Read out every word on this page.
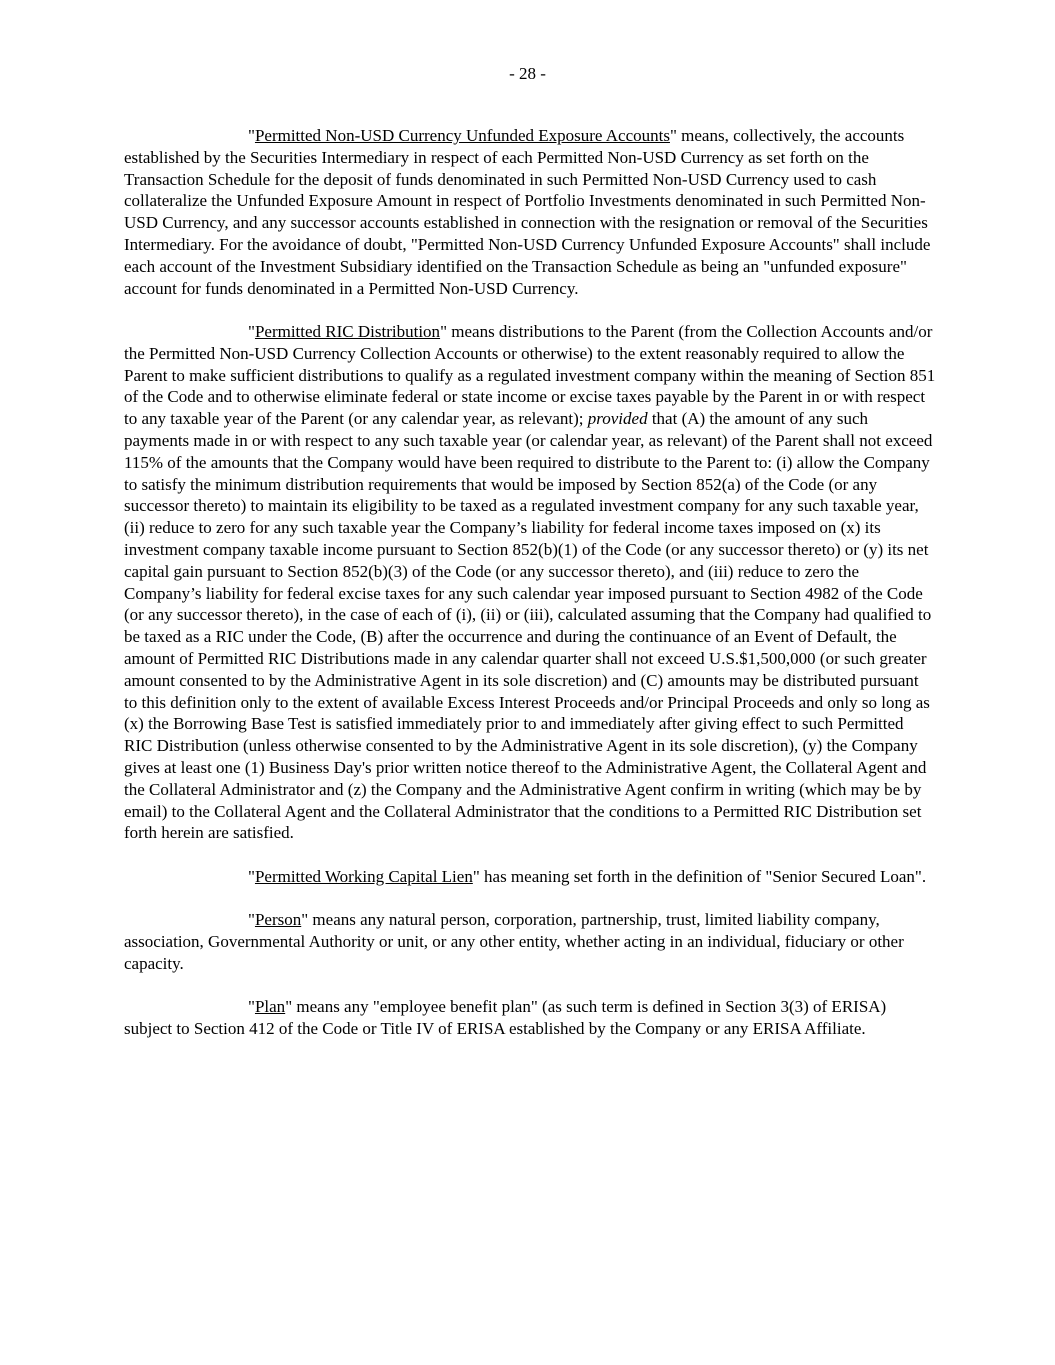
- 28 -

"Permitted Non-USD Currency Unfunded Exposure Accounts" means, collectively, the accounts established by the Securities Intermediary in respect of each Permitted Non-USD Currency as set forth on the Transaction Schedule for the deposit of funds denominated in such Permitted Non-USD Currency used to cash collateralize the Unfunded Exposure Amount in respect of Portfolio Investments denominated in such Permitted Non-USD Currency, and any successor accounts established in connection with the resignation or removal of the Securities Intermediary. For the avoidance of doubt, "Permitted Non-USD Currency Unfunded Exposure Accounts" shall include each account of the Investment Subsidiary identified on the Transaction Schedule as being an "unfunded exposure" account for funds denominated in a Permitted Non-USD Currency.

"Permitted RIC Distribution" means distributions to the Parent (from the Collection Accounts and/or the Permitted Non-USD Currency Collection Accounts or otherwise) to the extent reasonably required to allow the Parent to make sufficient distributions to qualify as a regulated investment company within the meaning of Section 851 of the Code and to otherwise eliminate federal or state income or excise taxes payable by the Parent in or with respect to any taxable year of the Parent (or any calendar year, as relevant); provided that (A) the amount of any such payments made in or with respect to any such taxable year (or calendar year, as relevant) of the Parent shall not exceed 115% of the amounts that the Company would have been required to distribute to the Parent to: (i) allow the Company to satisfy the minimum distribution requirements that would be imposed by Section 852(a) of the Code (or any successor thereto) to maintain its eligibility to be taxed as a regulated investment company for any such taxable year, (ii) reduce to zero for any such taxable year the Company’s liability for federal income taxes imposed on (x) its investment company taxable income pursuant to Section 852(b)(1) of the Code (or any successor thereto) or (y) its net capital gain pursuant to Section 852(b)(3) of the Code (or any successor thereto), and (iii) reduce to zero the Company’s liability for federal excise taxes for any such calendar year imposed pursuant to Section 4982 of the Code (or any successor thereto), in the case of each of (i), (ii) or (iii), calculated assuming that the Company had qualified to be taxed as a RIC under the Code, (B) after the occurrence and during the continuance of an Event of Default, the amount of Permitted RIC Distributions made in any calendar quarter shall not exceed U.S.$1,500,000 (or such greater amount consented to by the Administrative Agent in its sole discretion) and (C) amounts may be distributed pursuant to this definition only to the extent of available Excess Interest Proceeds and/or Principal Proceeds and only so long as (x) the Borrowing Base Test is satisfied immediately prior to and immediately after giving effect to such Permitted RIC Distribution (unless otherwise consented to by the Administrative Agent in its sole discretion), (y) the Company gives at least one (1) Business Day's prior written notice thereof to the Administrative Agent, the Collateral Agent and the Collateral Administrator and (z) the Company and the Administrative Agent confirm in writing (which may be by email) to the Collateral Agent and the Collateral Administrator that the conditions to a Permitted RIC Distribution set forth herein are satisfied.

"Permitted Working Capital Lien" has meaning set forth in the definition of "Senior Secured Loan".

"Person" means any natural person, corporation, partnership, trust, limited liability company, association, Governmental Authority or unit, or any other entity, whether acting in an individual, fiduciary or other capacity.

"Plan" means any "employee benefit plan" (as such term is defined in Section 3(3) of ERISA) subject to Section 412 of the Code or Title IV of ERISA established by the Company or any ERISA Affiliate.
